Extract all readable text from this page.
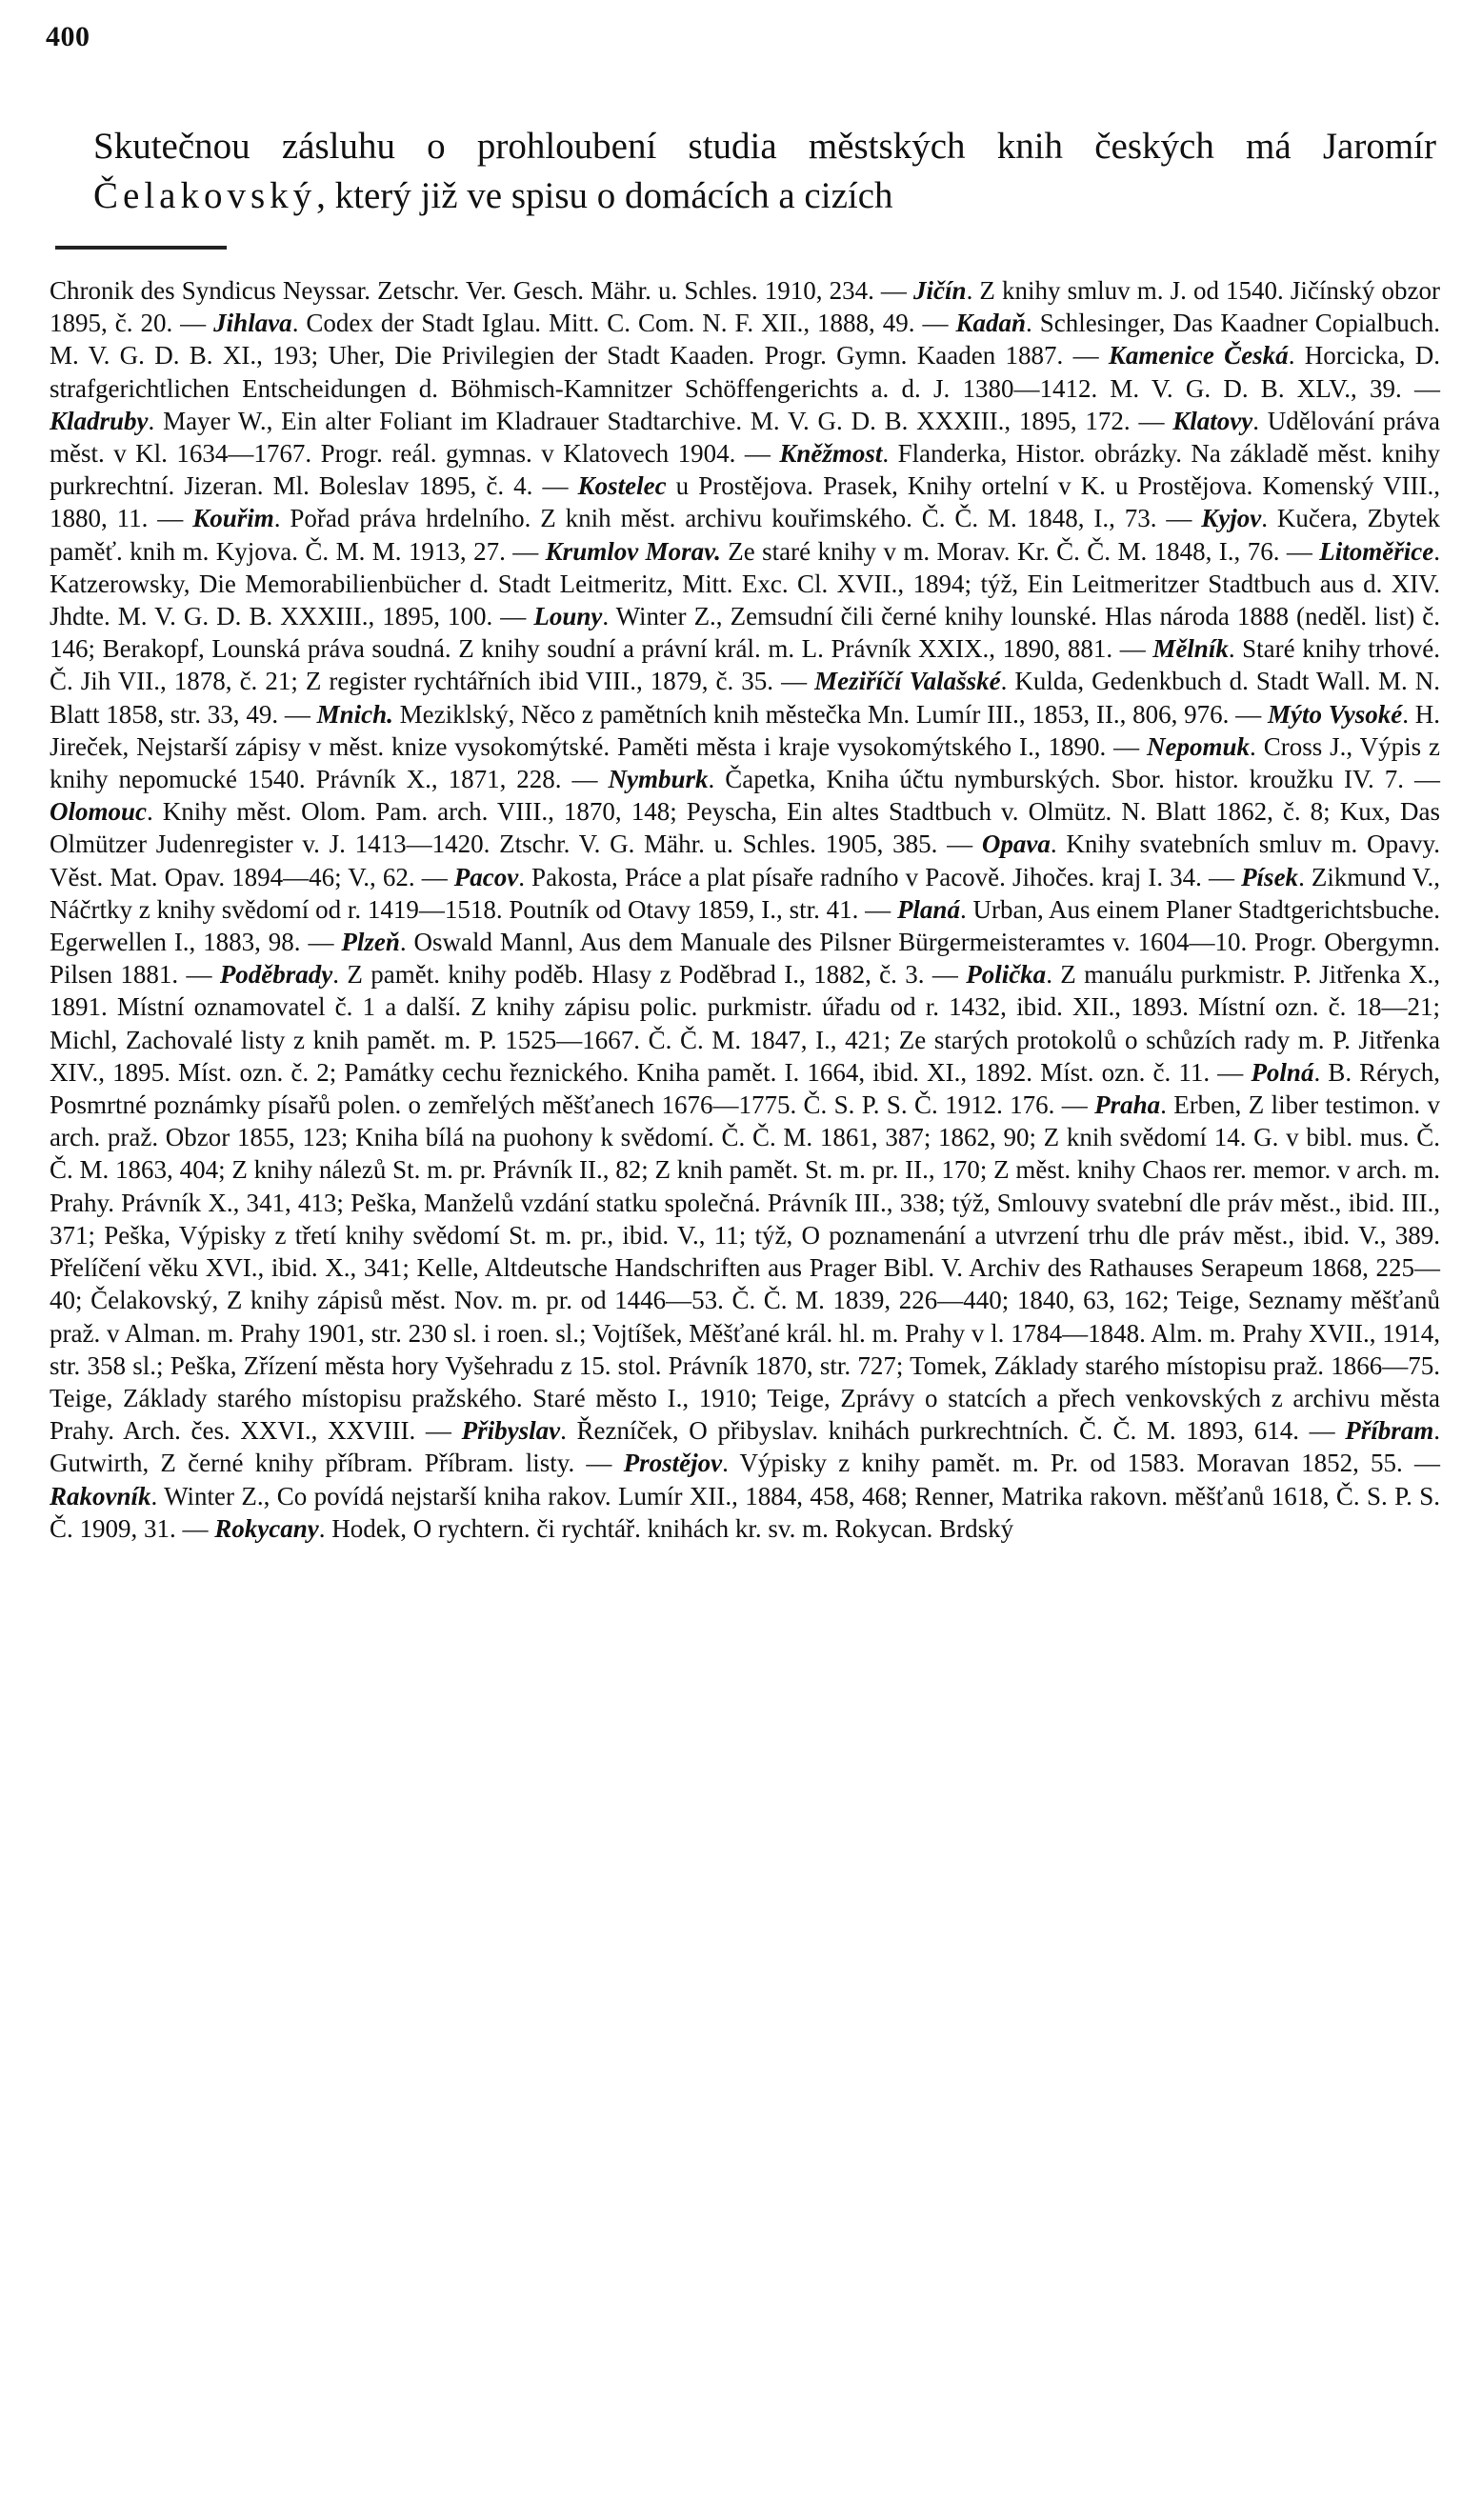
400

Skutečnou zásluhu o prohloubení studia městských knih českých má Jaromír Čelakovský, který již ve spisu o domácích a cizích

Chronik des Syndicus Neyssar. Zetschr. Ver. Gesch. Mähr. u. Schles. 1910, 234. — Jičín. Z knihy smluv m. J. od 1540. Jičínský obzor 1895, č. 20. — Jihlava. Codex der Stadt Iglau. Mitt. C. Com. N. F. XII., 1888, 49. — Kadaň. Schlesinger, Das Kaadner Copialbuch. M. V. G. D. B. XI., 193; Uher, Die Privilegien der Stadt Kaaden. Progr. Gymn. Kaaden 1887. — Kamenice Česká. Horcicka, D. strafgerichtlichen Entscheidungen d. Böhmisch-Kamnitzer Schöffengerichts a. d. J. 1380—1412. M. V. G. D. B. XLV., 39. — Kladruby. Mayer W., Ein alter Foliant im Kladrauer Stadtarchive. M. V. G. D. B. XXXIII., 1895, 172. — Klatovy. Udělování práva měst. v Kl. 1634—1767. Progr. reál. gymnas. v Klatovech 1904. — Kněžmost. Flanderka, Histor. obrázky. Na základě měst. knihy purkrechtní. Jizeran. Ml. Boleslav 1895, č. 4. — Kostelec u Prostějova. Prasek, Knihy ortelní v K. u Prostějova. Komenský VIII., 1880, 11. — Kouřim. Pořad práva hrdelního. Z knih měst. archivu kouřimského. Č. Č. M. 1848, I., 73. — Kyjov. Kučera, Zbytek paměť. knih m. Kyjova. Č. M. M. 1913, 27. — Krumlov Morav. Ze staré knihy v m. Morav. Kr. Č. Č. M. 1848, I., 76. — Litoměřice. Katzerowsky, Die Memorabilienbücher d. Stadt Leitmeritz, Mitt. Exc. Cl. XVII., 1894; týž, Ein Leitmeritzer Stadtbuch aus d. XIV. Jhdte. M. V. G. D. B. XXXIII., 1895, 100. — Louny. Winter Z., Zemsudní čili černé knihy lounské. Hlas národa 1888 (neděl. list) č. 146; Berakopf, Lounská práva soudná. Z knihy soudní a právní král. m. L. Právník XXIX., 1890, 881. — Mělník. Staré knihy trhové. Č. Jih VII., 1878, č. 21; Z register rychtářních ibid VIII., 1879, č. 35. — Meziříčí Valašské. Kulda, Gedenkbuch d. Stadt Wall. M. N. Blatt 1858, str. 33, 49. — Mnich. Meziklský, Něco z pamětních knih městečka Mn. Lumír III., 1853, II., 806, 976. — Mýto Vysoké. H. Jireček, Nejstarší zápisy v měst. knize vysokomýtské. Paměti města i kraje vysokomýtského I., 1890. — Nepomuk. Cross J., Výpis z knihy nepomucké 1540. Právník X., 1871, 228. — Nymburk. Čapetka, Kniha účtu nymburských. Sbor. histor. kroužku IV. 7. — Olomouc. Knihy měst. Olom. Pam. arch. VIII., 1870, 148; Peyscha, Ein altes Stadtbuch v. Olmütz. N. Blatt 1862, č. 8; Kux, Das Olmützer Judenregister v. J. 1413—1420. Ztschr. V. G. Mähr. u. Schles. 1905, 385. — Opava. Knihy svatebních smluv m. Opavy. Věst. Mat. Opav. 1894—46; V., 62. — Pacov. Pakosta, Práce a plat písaře radního v Pacově. Jihočes. kraj I. 34. — Písek. Zikmund V., Náčrtky z knihy svědomí od r. 1419—1518. Poutník od Otavy 1859, I., str. 41. — Planá. Urban, Aus einem Planer Stadtgerichtsbuche. Egerwellen I., 1883, 98. — Plzeň. Oswald Mannl, Aus dem Manuale des Pilsner Bürgermeisteramtes v. 1604—10. Progr. Obergymn. Pilsen 1881. — Poděbrady. Z pamět. knihy poděb. Hlasy z Poděbrad I., 1882, č. 3. — Polička. Z manuálu purkmistr. P. Jitřenka X., 1891. Místní oznamovatel č. 1 a další. Z knihy zápisu polic. purkmistr. úřadu od r. 1432, ibid. XII., 1893. Místní ozn. č. 18—21; Michl, Zachovalé listy z knih pamět. m. P. 1525—1667. Č. Č. M. 1847, I., 421; Ze starých protokolů o schůzích rady m. P. Jitřenka XIV., 1895. Míst. ozn. č. 2; Památky cechu řeznického. Kniha pamět. I. 1664, ibid. XI., 1892. Míst. ozn. č. 11. — Polná. B. Rérych, Posmrtné poznámky písařů polen. o zemřelých měšťanech 1676—1775. Č. S. P. S. Č. 1912. 176. — Praha. Erben, Z liber testimon. v arch. praž. Obzor 1855, 123; Kniha bílá na puohony k svědomí. Č. Č. M. 1861, 387; 1862, 90; Z knih svědomí 14. G. v bibl. mus. Č. Č. M. 1863, 404; Z knihy nálezů St. m. pr. Právník II., 82; Z knih pamět. St. m. pr. II., 170; Z měst. knihy Chaos rer. memor. v arch. m. Prahy. Právník X., 341, 413; Peška, Manželů vzdání statku společná. Právník III., 338; týž, Smlouvy svatební dle práv měst., ibid. III., 371; Peška, Výpisky z třetí knihy svědomí St. m. pr., ibid. V., 11; týž, O poznamenání a utvrzení trhu dle práv měst., ibid. V., 389. Přelíčení věku XVI., ibid. X., 341; Kelle, Altdeutsche Handschriften aus Prager Bibl. V. Archiv des Rathauses Serapeum 1868, 225—40; Čelakovský, Z knihy zápisů měst. Nov. m. pr. od 1446—53. Č. Č. M. 1839, 226—440; 1840, 63, 162; Teige, Seznamy měšťanů praž. v Alman. m. Prahy 1901, str. 230 sl. i roen. sl.; Vojtíšek, Měšťané král. hl. m. Prahy v l. 1784—1848. Alm. m. Prahy XVII., 1914, str. 358 sl.; Peška, Zřízení města hory Vyšehradu z 15. stol. Právník 1870, str. 727; Tomek, Základy starého místopisu praž. 1866—75. Teige, Základy starého místopisu pražského. Staré město I., 1910; Teige, Zprávy o statcích a přech venkovských z archivu města Prahy. Arch. čes. XXVI., XXVIII. — Přibyslav. Řezníček, O přibyslav. knihách purkrechtních. Č. Č. M. 1893, 614. — Příbram. Gutwirth, Z černé knihy příbram. Příbram. listy. — Prostějov. Výpisky z knihy pamět. m. Pr. od 1583. Moravan 1852, 55. — Rakovník. Winter Z., Co povídá nejstarší kniha rakov. Lumír XII., 1884, 458, 468; Renner, Matrika rakovn. měšťanů 1618, Č. S. P. S. Č. 1909, 31. — Rokycany. Hodek, O rychtern. či rychtář. knihách kr. sv. m. Rokycan. Brdský
